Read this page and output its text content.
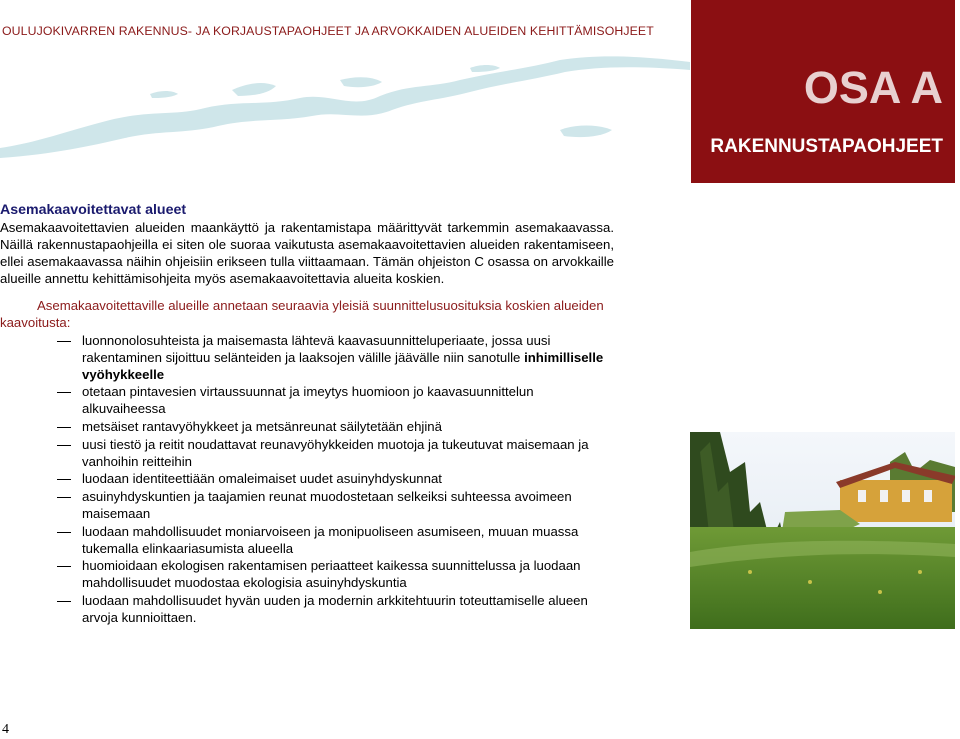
OULUJOKIVARREN RAKENNUS- JA KORJAUSTAPAOHJEET JA ARVOKKAIDEN ALUEIDEN KEHITTÄMISOHJEET
OSA A
RAKENNUSTAPAOHJEET
Asemakaavoitettavat alueet

Asemakaavoitettavien alueiden maankäyttö ja rakentamistapa määrittyvät tarkemmin asemakaavassa. Näillä rakennustapaohjeilla ei siten ole suoraa vaikutusta asemakaavoitettavien alueiden rakentamiseen, ellei asemakaavassa näihin ohjeisiin erikseen tulla viittaamaan. Tämän ohjeiston C osassa on arvokkaille alueille annettu kehittämisohjeita myös asemakaavoitettavia alueita koskien.

Asemakaavoitettaville alueille annetaan seuraavia yleisiä suunnittelusuosituksia koskien alueiden kaavoitusta:

luonnonolosuhteista ja maisemasta lähtevä kaavasuunnitteluperiaate, jossa uusi rakentaminen sijoittuu selänteiden ja laaksojen välille jäävälle niin sanotulle inhimilliselle vyöhykkeelle
otetaan pintavesien virtaussuunnat ja imeytys huomioon jo kaavasuunnittelun alkuvaiheessa
metsäiset rantavyöhykkeet ja metsänreunat säilytetään ehjinä
uusi tiestö ja reitit noudattavat reunavyöhykkeiden muotoja ja tukeutuvat maisemaan ja vanhoihin reitteihin
luodaan identiteettiään omaleimaiset uudet asuinyhdyskunnat
asuinyhdyskuntien ja taajamien reunat muodostetaan selkeiksi suhteessa avoimeen maisemaan
luodaan mahdollisuudet moniarvoiseen ja monipuoliseen asumiseen, muuan muassa tukemalla elinkaariasumista alueella
huomioidaan ekologisen rakentamisen periaatteet kaikessa suunnittelussa ja luodaan mahdollisuudet muodostaa ekologisia asuinyhdyskuntia
luodaan mahdollisuudet hyvän uuden ja modernin arkkitehtuurin toteuttamiselle alueen arvoja kunnioittaen.
4
